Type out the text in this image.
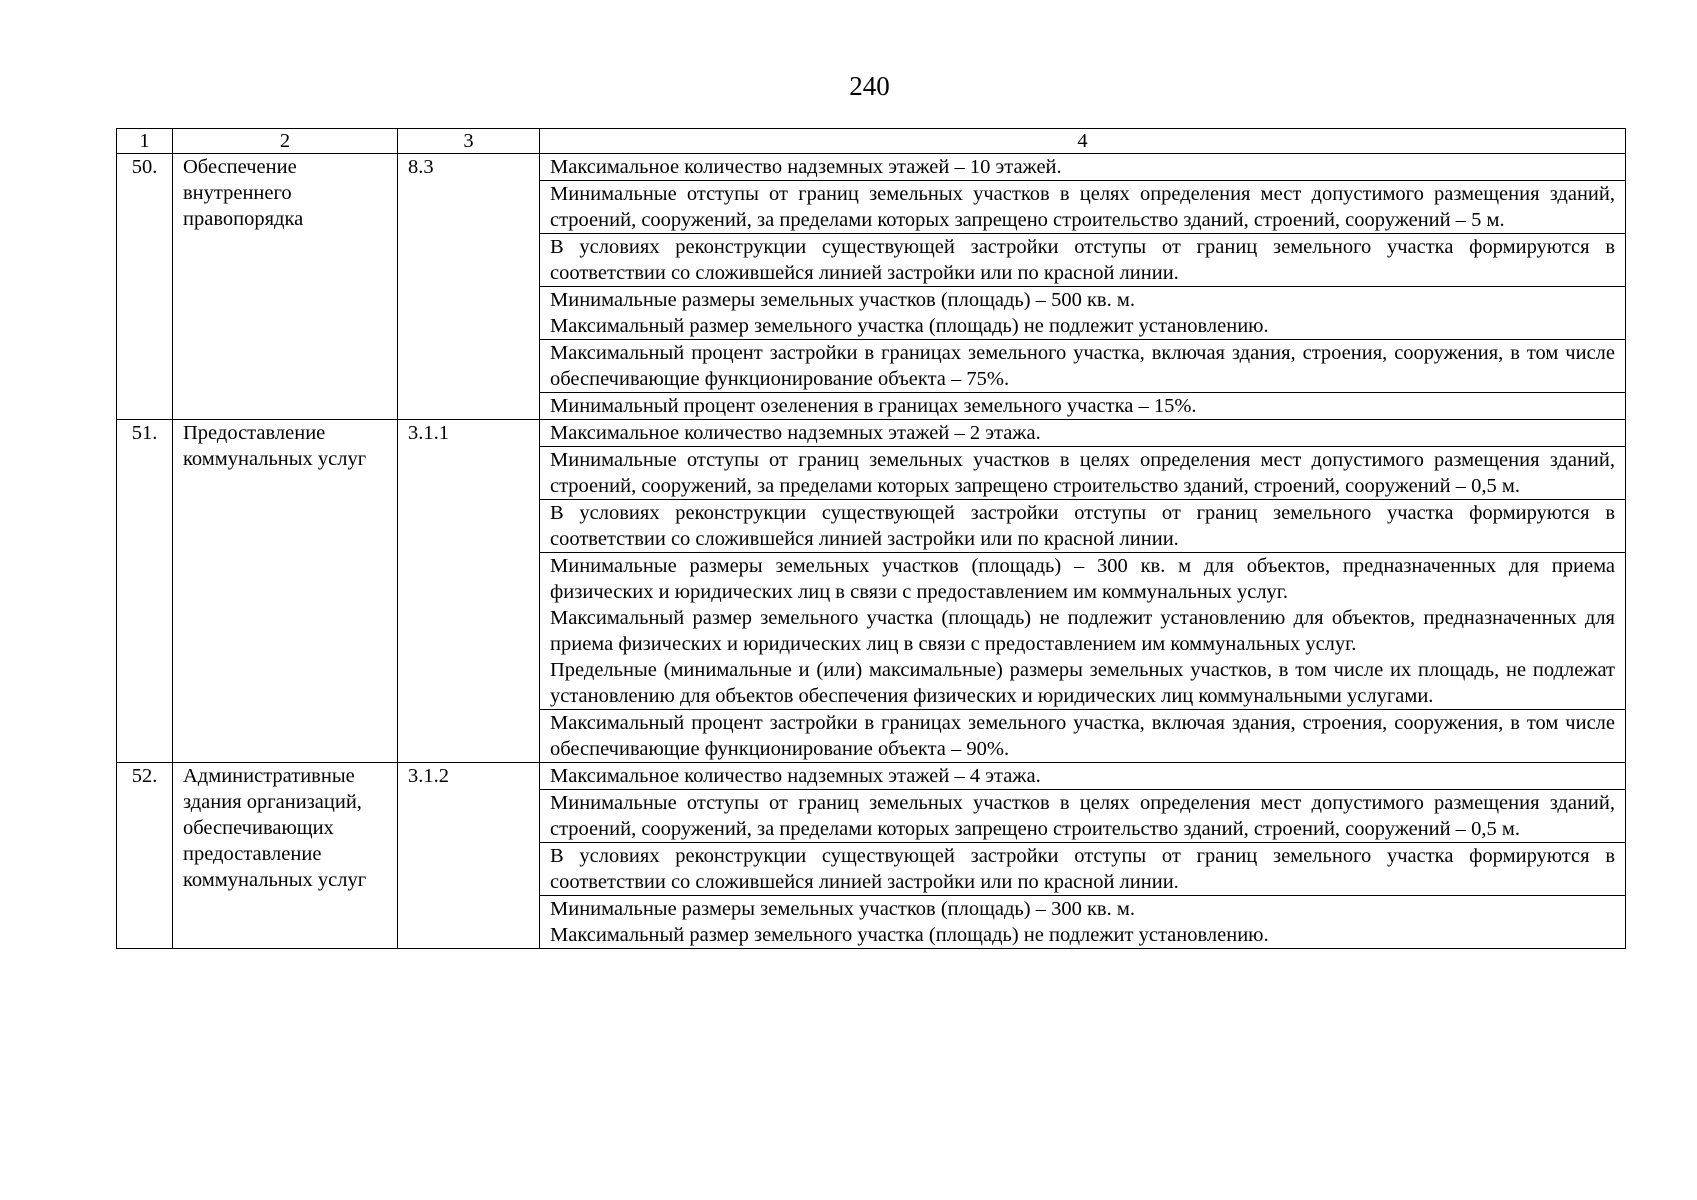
240
1	2	3	4
50.	Обеспечение внутреннего правопорядка	8.3	Максимальное количество надземных этажей – 10 этажей.

			Минимальные отступы от границ земельных участков в целях определения мест допустимого размещения зданий, строений, сооружений, за пределами которых запрещено строительство зданий, строений, сооружений – 5 м.

			В условиях реконструкции существующей застройки отступы от границ земельного участка формируются в соответствии со сложившейся линией застройки или по красной линии.

			Минимальные размеры земельных участков (площадь) – 500 кв. м.
Максимальный размер земельного участка (площадь) не подлежит установлению.

			Максимальный процент застройки в границах земельного участка, включая здания, строения, сооружения, в том числе обеспечивающие функционирование объекта – 75%.

			Минимальный процент озеленения в границах земельного участка – 15%.

51.	Предоставление коммунальных услуг	3.1.1	Максимальное количество надземных этажей – 2 этажа.

			Минимальные отступы от границ земельных участков в целях определения мест допустимого размещения зданий, строений, сооружений, за пределами которых запрещено строительство зданий, строений, сооружений – 0,5 м.

			В условиях реконструкции существующей застройки отступы от границ земельного участка формируются в соответствии со сложившейся линией застройки или по красной линии.

			Минимальные размеры земельных участков (площадь) – 300 кв. м для объектов, предназначенных для приема физических и юридических лиц в связи с предоставлением им коммунальных услуг.
Максимальный размер земельного участка (площадь) не подлежит установлению для объектов, предназначенных для приема физических и юридических лиц в связи с предоставлением им коммунальных услуг.
Предельные (минимальные и (или) максимальные) размеры земельных участков, в том числе их площадь, не подлежат установлению для объектов обеспечения физических и юридических лиц коммунальными услугами.

			Максимальный процент застройки в границах земельного участка, включая здания, строения, сооружения, в том числе обеспечивающие функционирование объекта – 90%.

52.	Административные здания организаций, обеспечивающих предоставление коммунальных услуг	3.1.2	Максимальное количество надземных этажей – 4 этажа.

			Минимальные отступы от границ земельных участков в целях определения мест допустимого размещения зданий, строений, сооружений, за пределами которых запрещено строительство зданий, строений, сооружений – 0,5 м.

			В условиях реконструкции существующей застройки отступы от границ земельного участка формируются в соответствии со сложившейся линией застройки или по красной линии.

			Минимальные размеры земельных участков (площадь) – 300 кв. м.
Максимальный размер земельного участка (площадь) не подлежит установлению.
